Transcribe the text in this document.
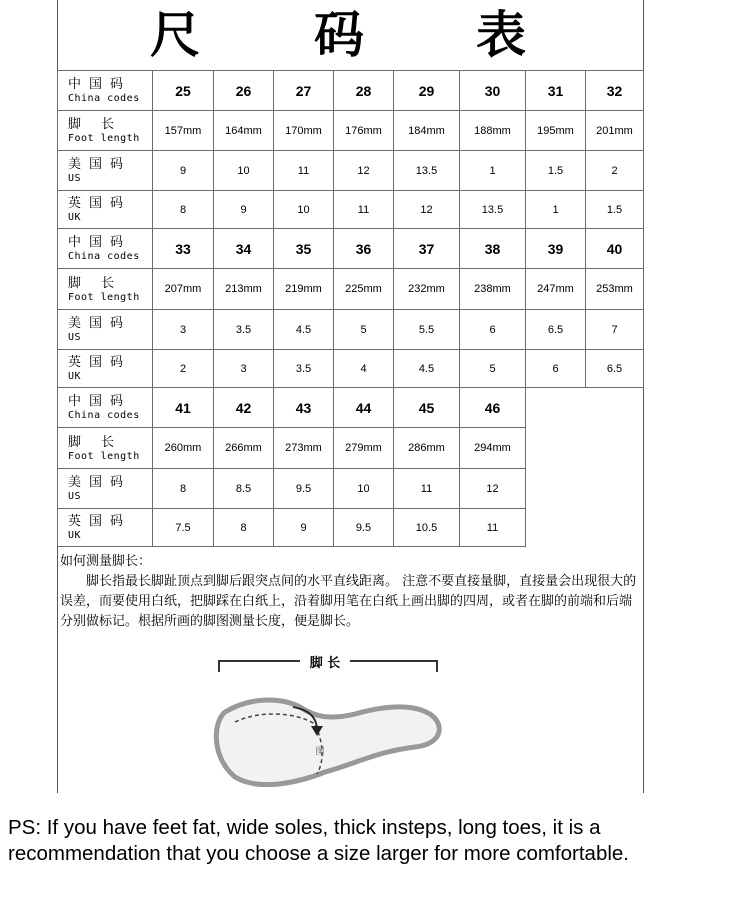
尺 码 表
中国码
China codes	25	26	27	28	29	30	31	32

脚 长
Foot length	157mm	164mm	170mm	176mm	184mm	188mm	195mm	201mm

美国码
US	9	10	11	12	13.5	1	1.5	2

英国码
UK	8	9	10	11	12	13.5	1	1.5

中国码
China codes	33	34	35	36	37	38	39	40

脚 长
Foot length	207mm	213mm	219mm	225mm	232mm	238mm	247mm	253mm

美国码
US	3	3.5	4.5	5	5.5	6	6.5	7

英国码
UK	2	3	3.5	4	4.5	5	6	6.5

中国码
China codes	41	42	43	44	45	46		

脚 长
Foot length	260mm	266mm	273mm	279mm	286mm	294mm		

美国码
US	8	8.5	9.5	10	11	12		

英国码
UK	7.5	8	9	9.5	10.5	11		
如何测量脚长：
脚长指最长脚趾顶点到脚后跟突点间的水平直线距离。 注意不要直接量脚，直接量会出现很大的误差，而要使用白纸，把脚踩在白纸上，沿着脚用笔在白纸上画出脚的四周，或者在脚的前端和后端分别做标记。根据所画的脚图测量长度，便是脚长。
脚 长
图
PS: If you have feet fat, wide soles, thick insteps, long toes, it is a
recommendation that you choose a size larger for more comfortable.
